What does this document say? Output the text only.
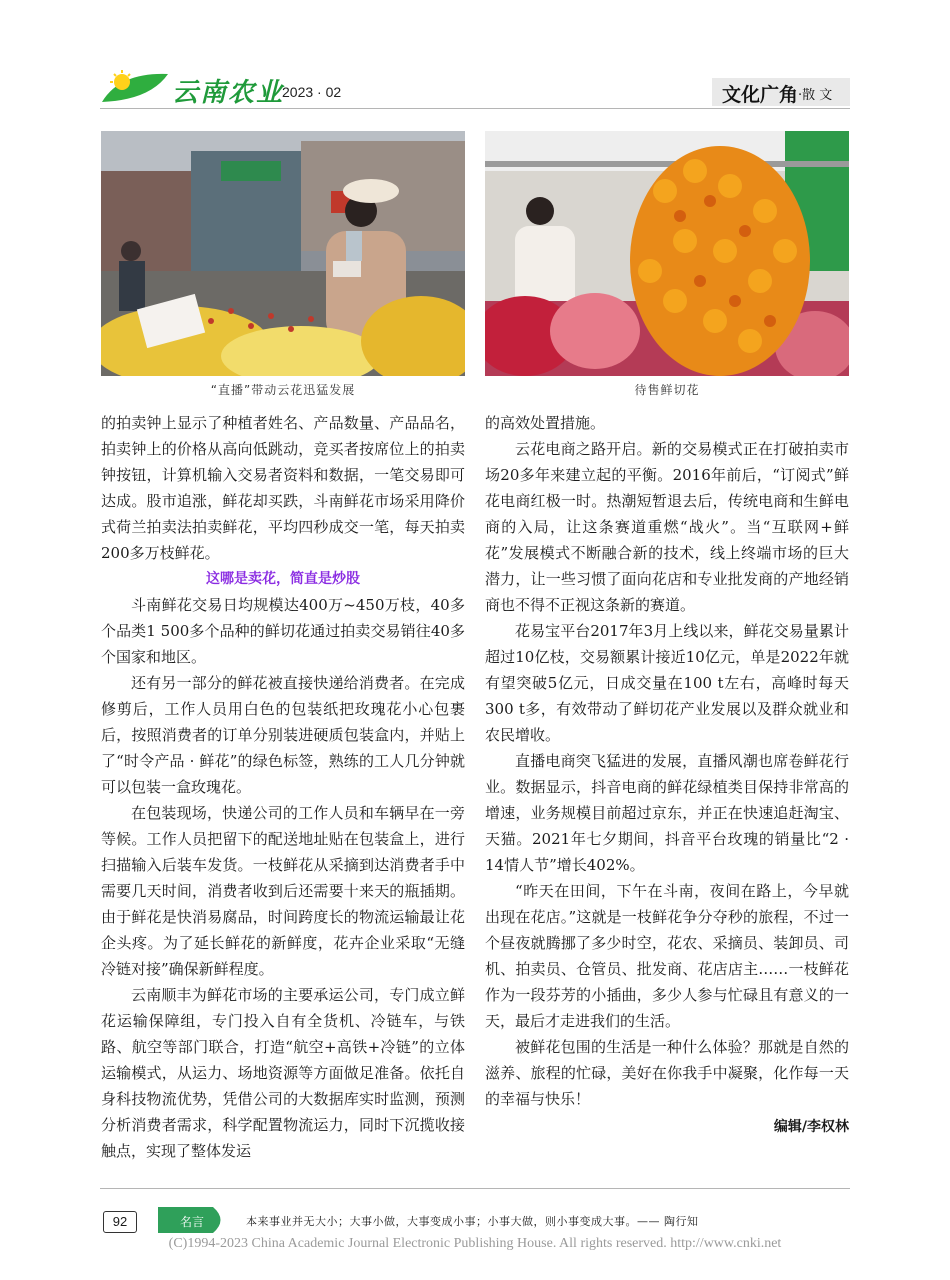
云南农业
2023 · 02	文化广角 ·散 文
“直播”带动云花迅猛发展	待售鲜切花

的拍卖钟上显示了种植者姓名、产品数量、产品品名，拍卖钟上的价格从高向低跳动，竞买者按席位上的拍卖钟按钮，计算机输入交易者资料和数据，一笔交易即可达成。股市追涨，鲜花却买跌，斗南鲜花市场采用降价式荷兰拍卖法拍卖鲜花，平均四秒成交一笔，每天拍卖200多万枝鲜花。

这哪是卖花，简直是炒股

斗南鲜花交易日均规模达400万~450万枝，40多个品类1 500多个品种的鲜切花通过拍卖交易销往40多个国家和地区。

还有另一部分的鲜花被直接快递给消费者。在完成修剪后，工作人员用白色的包装纸把玫瑰花小心包裹后，按照消费者的订单分别装进硬质包装盒内，并贴上了“时令产品 · 鲜花”的绿色标签，熟练的工人几分钟就可以包装一盒玫瑰花。

在包装现场，快递公司的工作人员和车辆早在一旁等候。工作人员把留下的配送地址贴在包装盒上，进行扫描输入后装车发货。一枝鲜花从采摘到达消费者手中需要几天时间，消费者收到后还需要十来天的瓶插期。由于鲜花是快消易腐品，时间跨度长的物流运输最让花企头疼。为了延长鲜花的新鲜度，花卉企业采取“无缝冷链对接”确保新鲜程度。

云南顺丰为鲜花市场的主要承运公司，专门成立鲜花运输保障组，专门投入自有全货机、冷链车，与铁路、航空等部门联合，打造“航空+高铁+冷链”的立体运输模式，从运力、场地资源等方面做足准备。依托自身科技物流优势，凭借公司的大数据库实时监测，预测分析消费者需求，科学配置物流运力，同时下沉揽收接触点，实现了整体发运

的高效处置措施。

云花电商之路开启。新的交易模式正在打破拍卖市场20多年来建立起的平衡。2016年前后，“订阅式”鲜花电商红极一时。热潮短暂退去后，传统电商和生鲜电商的入局，让这条赛道重燃“战火”。当“互联网+鲜花”发展模式不断融合新的技术，线上终端市场的巨大潜力，让一些习惯了面向花店和专业批发商的产地经销商也不得不正视这条新的赛道。

花易宝平台2017年3月上线以来，鲜花交易量累计超过10亿枝，交易额累计接近10亿元，单是2022年就有望突破5亿元，日成交量在100 t左右，高峰时每天300 t多，有效带动了鲜切花产业发展以及群众就业和农民增收。

直播电商突飞猛进的发展，直播风潮也席卷鲜花行业。数据显示，抖音电商的鲜花绿植类目保持非常高的增速，业务规模目前超过京东，并正在快速追赶淘宝、天猫。2021年七夕期间，抖音平台玫瑰的销量比“2 · 14情人节”增长402%。

“昨天在田间，下午在斗南，夜间在路上，今早就出现在花店。”这就是一枝鲜花争分夺秒的旅程，不过一个昼夜就腾挪了多少时空，花农、采摘员、装卸员、司机、拍卖员、仓管员、批发商、花店店主……一枝鲜花作为一段芬芳的小插曲，多少人参与忙碌且有意义的一天，最后才走进我们的生活。

被鲜花包围的生活是一种什么体验？那就是自然的滋养、旅程的忙碌，美好在你我手中凝聚，化作每一天的幸福与快乐！

编辑/李权林
92	名言	本来事业并无大小；大事小做，大事变成小事；小事大做，则小事变成大事。—— 陶行知
(C)1994-2023 China Academic Journal Electronic Publishing House. All rights reserved. http://www.cnki.net
